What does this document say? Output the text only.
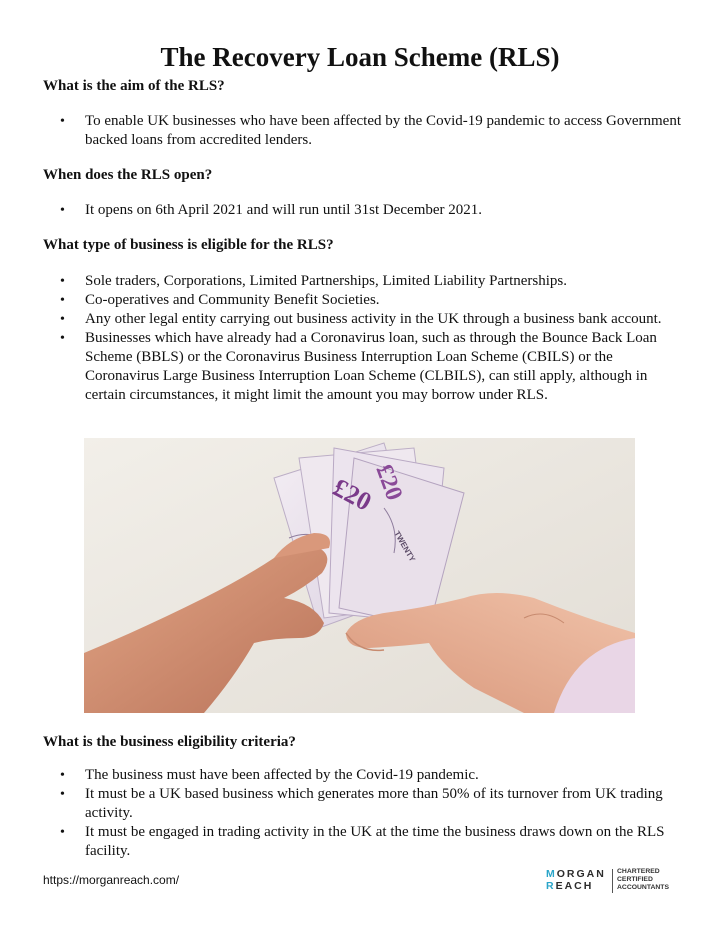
The Recovery Loan Scheme (RLS)

What is the aim of the RLS?

• To enable UK businesses who have been affected by the Covid-19 pandemic to access Government backed loans from accredited lenders.

When does the RLS open?

• It opens on 6th April 2021 and will run until 31st December 2021.

What type of business is eligible for the RLS?

• Sole traders, Corporations, Limited Partnerships, Limited Liability Partnerships.
• Co-operatives and Community Benefit Societies.
• Any other legal entity carrying out business activity in the UK through a business bank account.
• Businesses which have already had a Coronavirus loan, such as through the Bounce Back Loan Scheme (BBLS) or the Coronavirus Business Interruption Loan Scheme (CBILS) or the Coronavirus Large Business Interruption Loan Scheme (CLBILS), can still apply, although in certain circumstances, it might limit the amount you may borrow under RLS.
£20
£20
TWENTY

What is the business eligibility criteria?

• The business must have been affected by the Covid-19 pandemic.
• It must be a UK based business which generates more than 50% of its turnover from UK trading activity.
• It must be engaged in trading activity in the UK at the time the business draws down on the RLS facility.
https://morganreach.com/	MORGAN
REACH
CHARTERED
CERTIFIED
ACCOUNTANTS
